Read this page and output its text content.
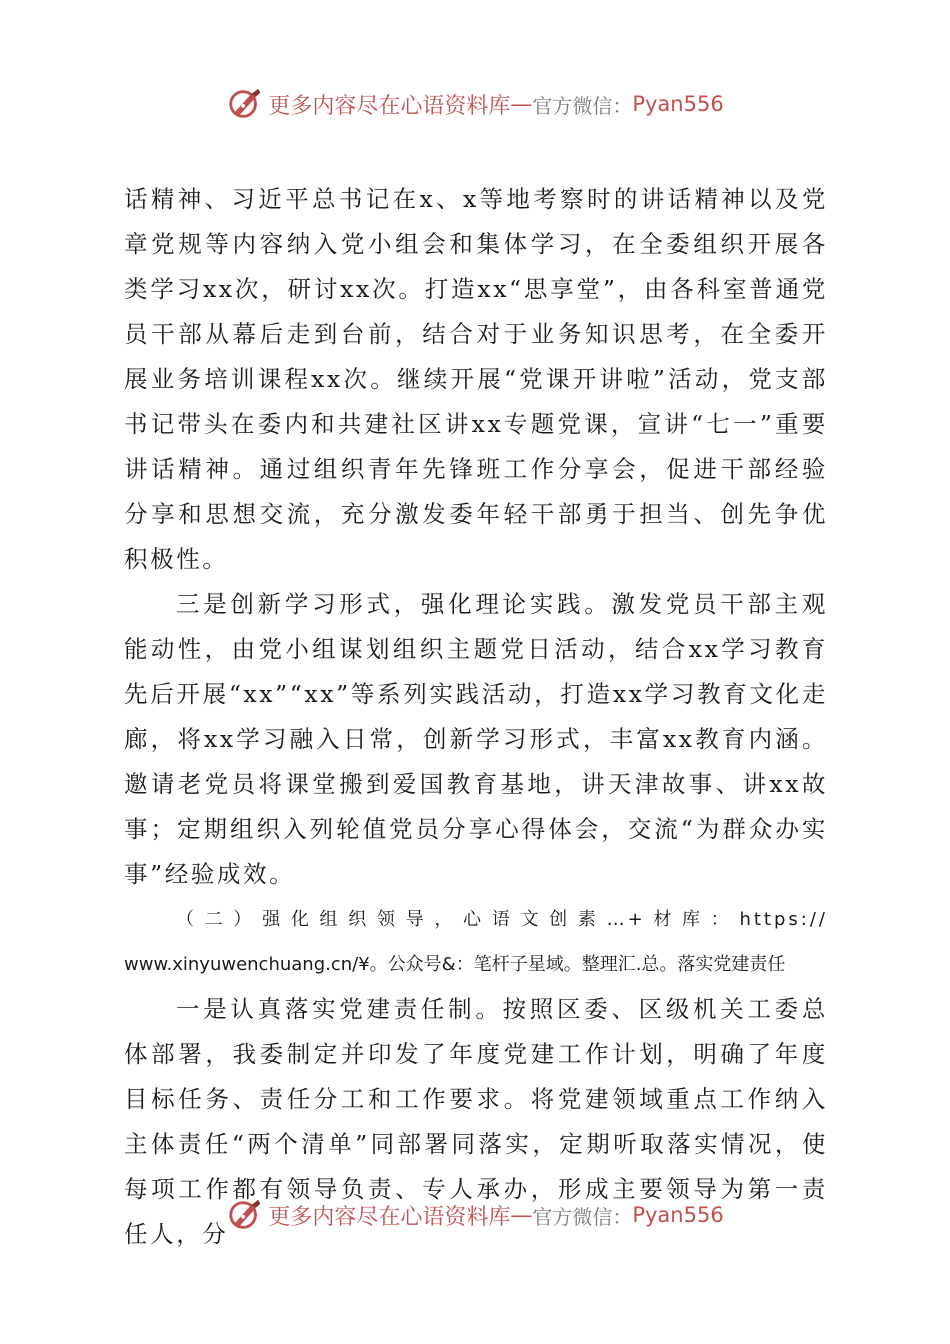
更多内容尽在心语资料库 — 官方微信： Pyan556

话精神、习近平总书记在x、x等地考察时的讲话精神以及党章党规等内容纳入党小组会和集体学习，在全委组织开展各类学习xx次，研讨xx次。打造xx“思享堂”，由各科室普通党员干部从幕后走到台前，结合对于业务知识思考，在全委开展业务培训课程xx次。继续开展“党课开讲啦”活动，党支部书记带头在委内和共建社区讲xx专题党课，宣讲“七一”重要讲话精神。通过组织青年先锋班工作分享会，促进干部经验分享和思想交流，充分激发委年轻干部勇于担当、创先争优积极性。

三是创新学习形式，强化理论实践。激发党员干部主观能动性，由党小组谋划组织主题党日活动，结合xx学习教育先后开展“xx”“xx”等系列实践活动，打造xx学习教育文化走廊，将xx学习融入日常，创新学习形式，丰富xx教育内涵。邀请老党员将课堂搬到爱国教育基地，讲天津故事、讲xx故事；定期组织入列轮值党员分享心得体会，交流“为群众办实事”经验成效。

（二）强化组织领导，心语文创素…+材库：https://
www.xinyuwenchuang.cn/¥。公众号&：笔杆子星域。整理汇.总。落实党建责任

一是认真落实党建责任制。按照区委、区级机关工委总体部署，我委制定并印发了年度党建工作计划，明确了年度目标任务、责任分工和工作要求。将党建领域重点工作纳入主体责任“两个清单”同部署同落实，定期听取落实情况，使每项工作都有领导负责、专人承办，形成主要领导为第一责任人，分

更多内容尽在心语资料库 — 官方微信： Pyan556
